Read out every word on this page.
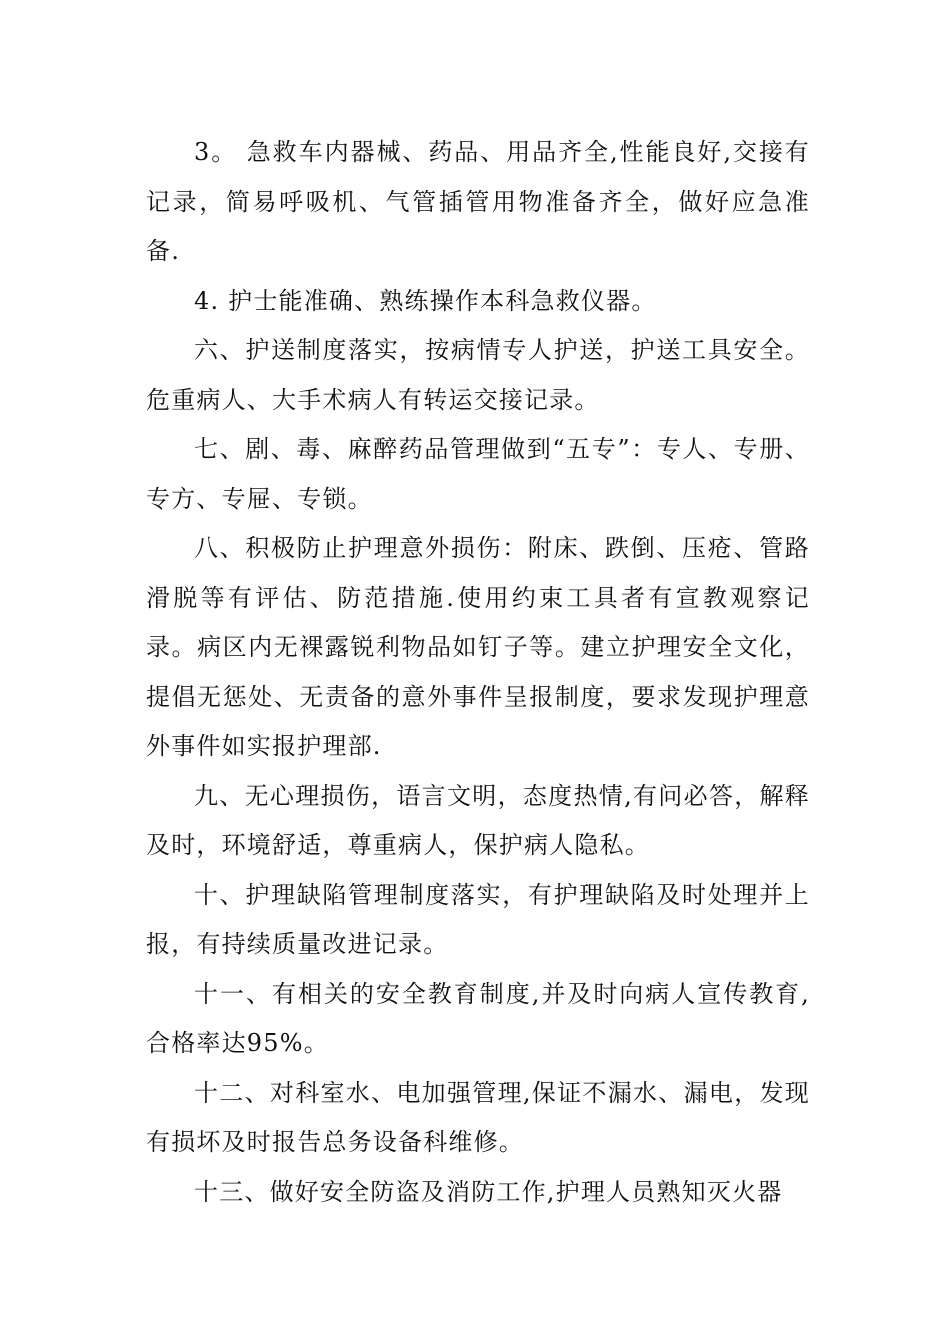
3。 急救车内器械、药品、用品齐全,性能良好,交接有记录，简易呼吸机、气管插管用物准备齐全，做好应急准备.

4. 护士能准确、熟练操作本科急救仪器。

六、护送制度落实，按病情专人护送，护送工具安全。危重病人、大手术病人有转运交接记录。

七、剧、毒、麻醉药品管理做到“五专”：专人、专册、专方、专屉、专锁。

八、积极防止护理意外损伤：附床、跌倒、压疮、管路滑脱等有评估、防范措施.使用约束工具者有宣教观察记录。病区内无裸露锐利物品如钉子等。建立护理安全文化，提倡无惩处、无责备的意外事件呈报制度，要求发现护理意外事件如实报护理部.

九、无心理损伤，语言文明，态度热情,有问必答，解释及时，环境舒适，尊重病人，保护病人隐私。

十、护理缺陷管理制度落实，有护理缺陷及时处理并上报，有持续质量改进记录。

十一、有相关的安全教育制度,并及时向病人宣传教育,合格率达95%。

十二、对科室水、电加强管理,保证不漏水、漏电，发现有损坏及时报告总务设备科维修。

十三、做好安全防盗及消防工作,护理人员熟知灭火器
